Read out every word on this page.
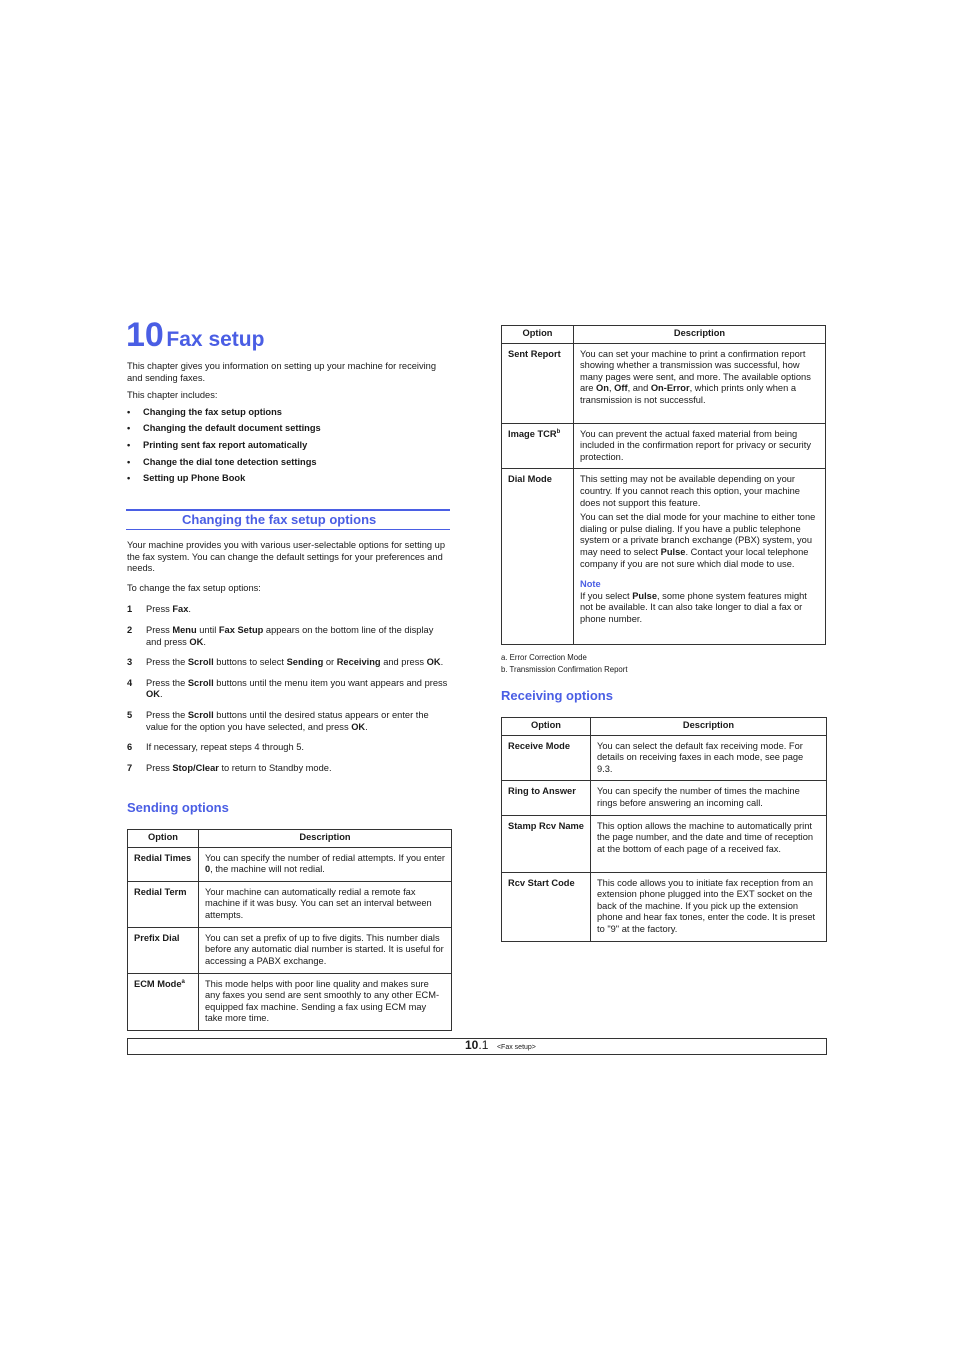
10 Fax setup

This chapter gives you information on setting up your machine for receiving and sending faxes.

This chapter includes:

• Changing the fax setup options
• Changing the default document settings
• Printing sent fax report automatically
• Change the dial tone detection settings
• Setting up Phone Book
Changing the fax setup options

Your machine provides you with various user-selectable options for setting up the fax system. You can change the default settings for your preferences and needs.

To change the fax setup options:

1 Press Fax.
2 Press Menu until Fax Setup appears on the bottom line of the display and press OK.
3 Press the Scroll buttons to select Sending or Receiving and press OK.
4 Press the Scroll buttons until the menu item you want appears and press OK.
5 Press the Scroll buttons until the desired status appears or enter the value for the option you have selected, and press OK.
6 If necessary, repeat steps 4 through 5.
7 Press Stop/Clear to return to Standby mode.
Sending options
Option	Description
Redial Times	You can specify the number of redial attempts. If you enter 0, the machine will not redial.
Redial Term	Your machine can automatically redial a remote fax machine if it was busy. You can set an interval between attempts.
Prefix Dial	You can set a prefix of up to five digits. This number dials before any automatic dial number is started. It is useful for accessing a PABX exchange.
ECM Mode$^a$	This mode helps with poor line quality and makes sure any faxes you send are sent smoothly to any other ECM-equipped fax machine. Sending a fax using ECM may take more time.
Option	Description
Sent Report	You can set your machine to print a confirmation report showing whether a transmission was successful, how many pages were sent, and more. The available options are On, Off, and On-Error, which prints only when a transmission is not successful.
Image TCR$^b$	You can prevent the actual faxed material from being included in the confirmation report for privacy or security protection.
Dial Mode	This setting may not be available depending on your country. If you cannot reach this option, your machine does not support this feature.

You can set the dial mode for your machine to either tone dialing or pulse dialing. If you have a public telephone system or a private branch exchange (PBX) system, you may need to select Pulse. Contact your local telephone company if you are not sure which dial mode to use.

Note
If you select Pulse, some phone system features might not be available. It can also take longer to dial a fax or phone number.

a. Error Correction Mode
b. Transmission Confirmation Report
Receiving options
Option	Description
Receive Mode	You can select the default fax receiving mode. For details on receiving faxes in each mode, see page 9.3.
Ring to Answer	You can specify the number of times the machine rings before answering an incoming call.
Stamp Rcv Name	This option allows the machine to automatically print the page number, and the date and time of reception at the bottom of each page of a received fax.
Rcv Start Code	This code allows you to initiate fax reception from an extension phone plugged into the EXT socket on the back of the machine. If you pick up the extension phone and hear fax tones, enter the code. It is preset to "9" at the factory.
10.1 <Fax setup>
